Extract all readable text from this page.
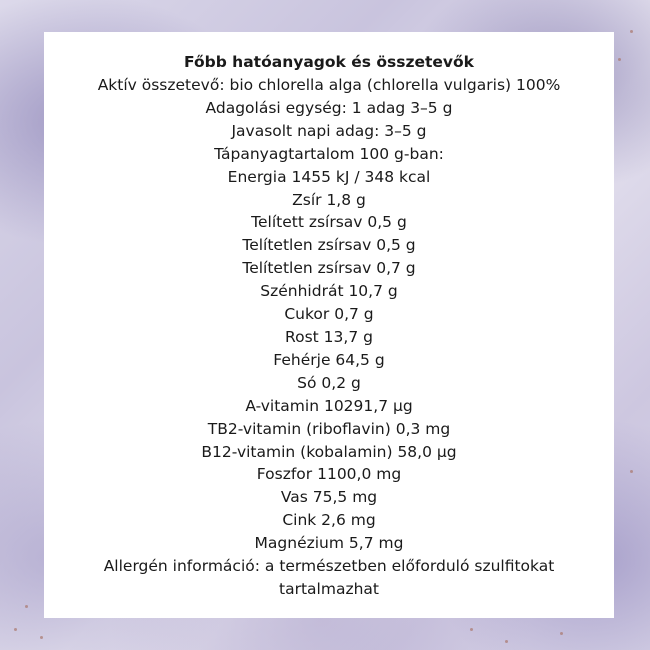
Főbb hatóanyagok és összetevők

Aktív összetevő: bio chlorella alga (chlorella vulgaris) 100%
Adagolási egység: 1 adag 3–5 g
Javasolt napi adag: 3–5 g
Tápanyagtartalom 100 g-ban:
Energia 1455 kJ / 348 kcal
Zsír 1,8 g
Telített zsírsav 0,5 g
Telítetlen zsírsav 0,5 g
Telítetlen zsírsav 0,7 g
Szénhidrát 10,7 g
Cukor 0,7 g
Rost 13,7 g
Fehérje 64,5 g
Só 0,2 g
A-vitamin 10291,7 µg
TB2-vitamin (riboflavin) 0,3 mg
B12-vitamin (kobalamin) 58,0 µg
Foszfor 1100,0 mg
Vas 75,5 mg
Cink 2,6 mg
Magnézium 5,7 mg
Allergén információ: a természetben előforduló szulfitokat tartalmazhat
